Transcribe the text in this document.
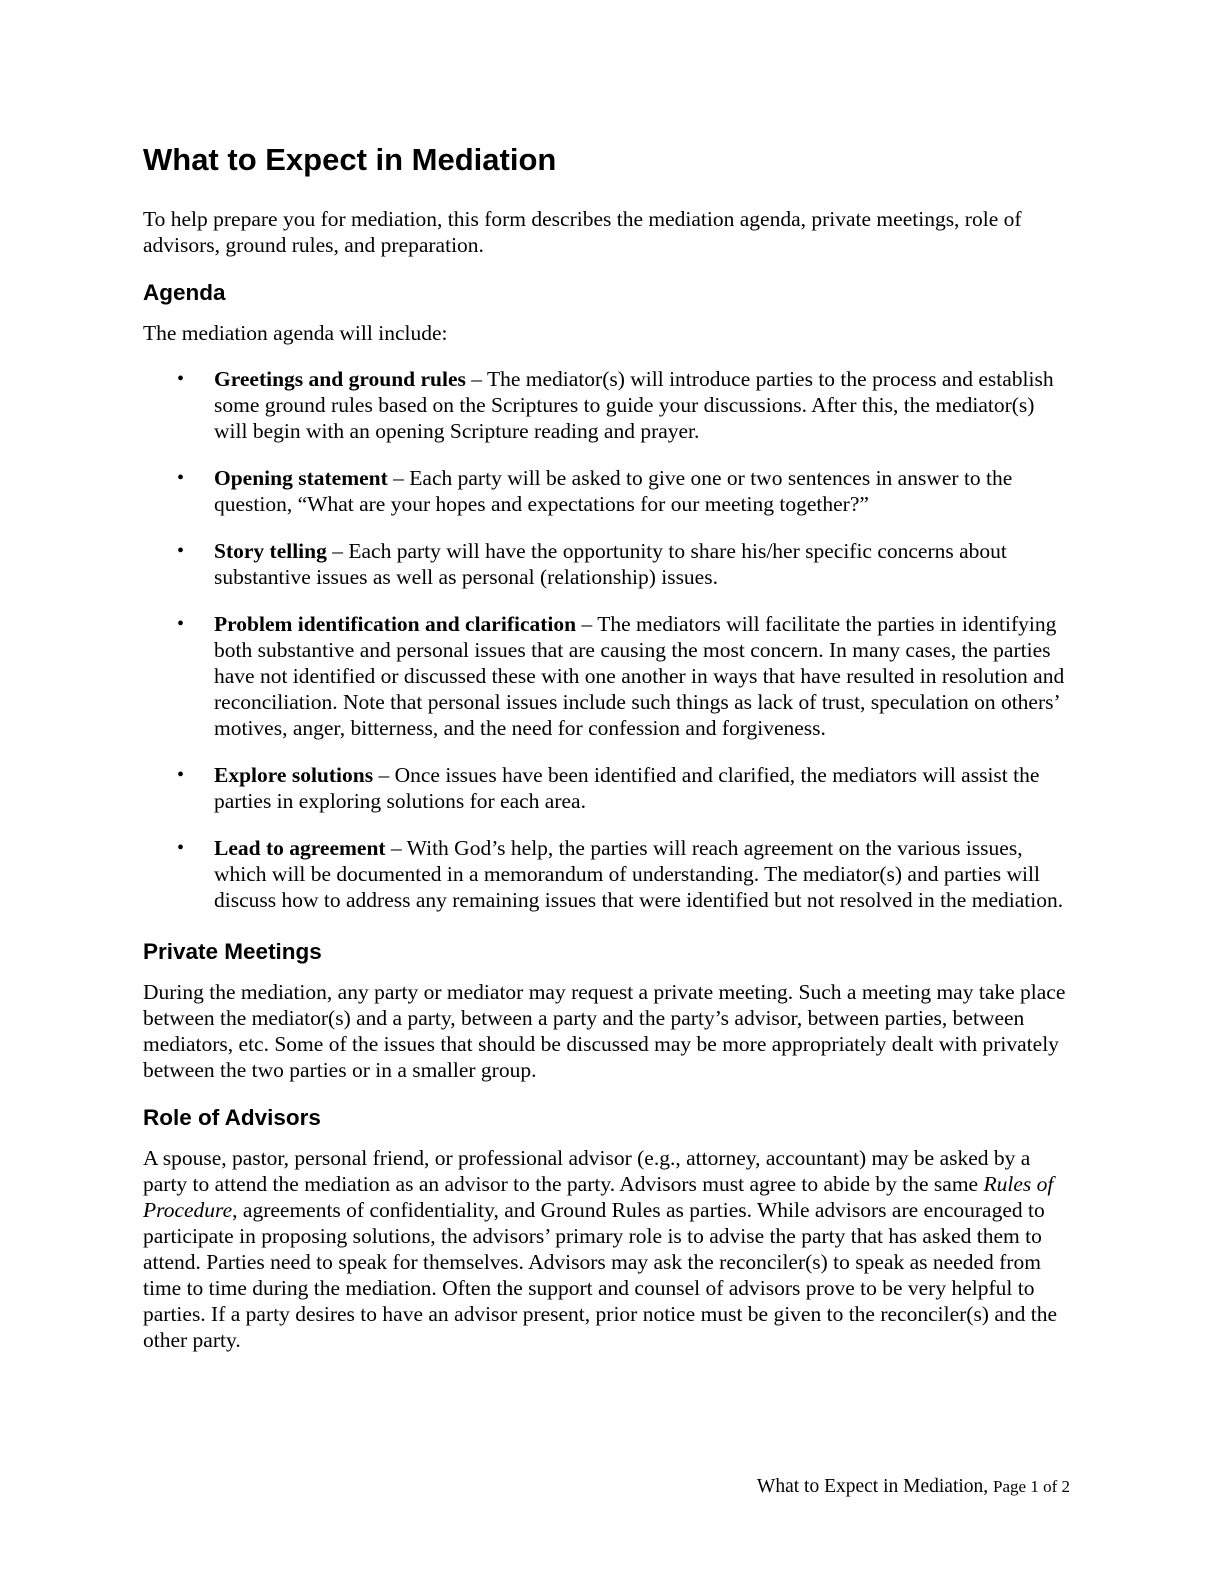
What to Expect in Mediation

To help prepare you for mediation, this form describes the mediation agenda, private meetings, role of advisors, ground rules, and preparation.

Agenda

The mediation agenda will include:

• Greetings and ground rules – The mediator(s) will introduce parties to the process and establish some ground rules based on the Scriptures to guide your discussions. After this, the mediator(s) will begin with an opening Scripture reading and prayer.
• Opening statement – Each party will be asked to give one or two sentences in answer to the question, “What are your hopes and expectations for our meeting together?”
• Story telling – Each party will have the opportunity to share his/her specific concerns about substantive issues as well as personal (relationship) issues.
• Problem identification and clarification – The mediators will facilitate the parties in identifying both substantive and personal issues that are causing the most concern. In many cases, the parties have not identified or discussed these with one another in ways that have resulted in resolution and reconciliation. Note that personal issues include such things as lack of trust, speculation on others’ motives, anger, bitterness, and the need for confession and forgiveness.
• Explore solutions – Once issues have been identified and clarified, the mediators will assist the parties in exploring solutions for each area.
• Lead to agreement – With God’s help, the parties will reach agreement on the various issues, which will be documented in a memorandum of understanding. The mediator(s) and parties will discuss how to address any remaining issues that were identified but not resolved in the mediation.
Private Meetings

During the mediation, any party or mediator may request a private meeting. Such a meeting may take place between the mediator(s) and a party, between a party and the party’s advisor, between parties, between mediators, etc. Some of the issues that should be discussed may be more appropriately dealt with privately between the two parties or in a smaller group.

Role of Advisors

A spouse, pastor, personal friend, or professional advisor (e.g., attorney, accountant) may be asked by a party to attend the mediation as an advisor to the party. Advisors must agree to abide by the same Rules of Procedure, agreements of confidentiality, and Ground Rules as parties. While advisors are encouraged to participate in proposing solutions, the advisors’ primary role is to advise the party that has asked them to attend. Parties need to speak for themselves. Advisors may ask the reconciler(s) to speak as needed from time to time during the mediation. Often the support and counsel of advisors prove to be very helpful to parties. If a party desires to have an advisor present, prior notice must be given to the reconciler(s) and the other party.

What to Expect in Mediation, Page 1 of 2
